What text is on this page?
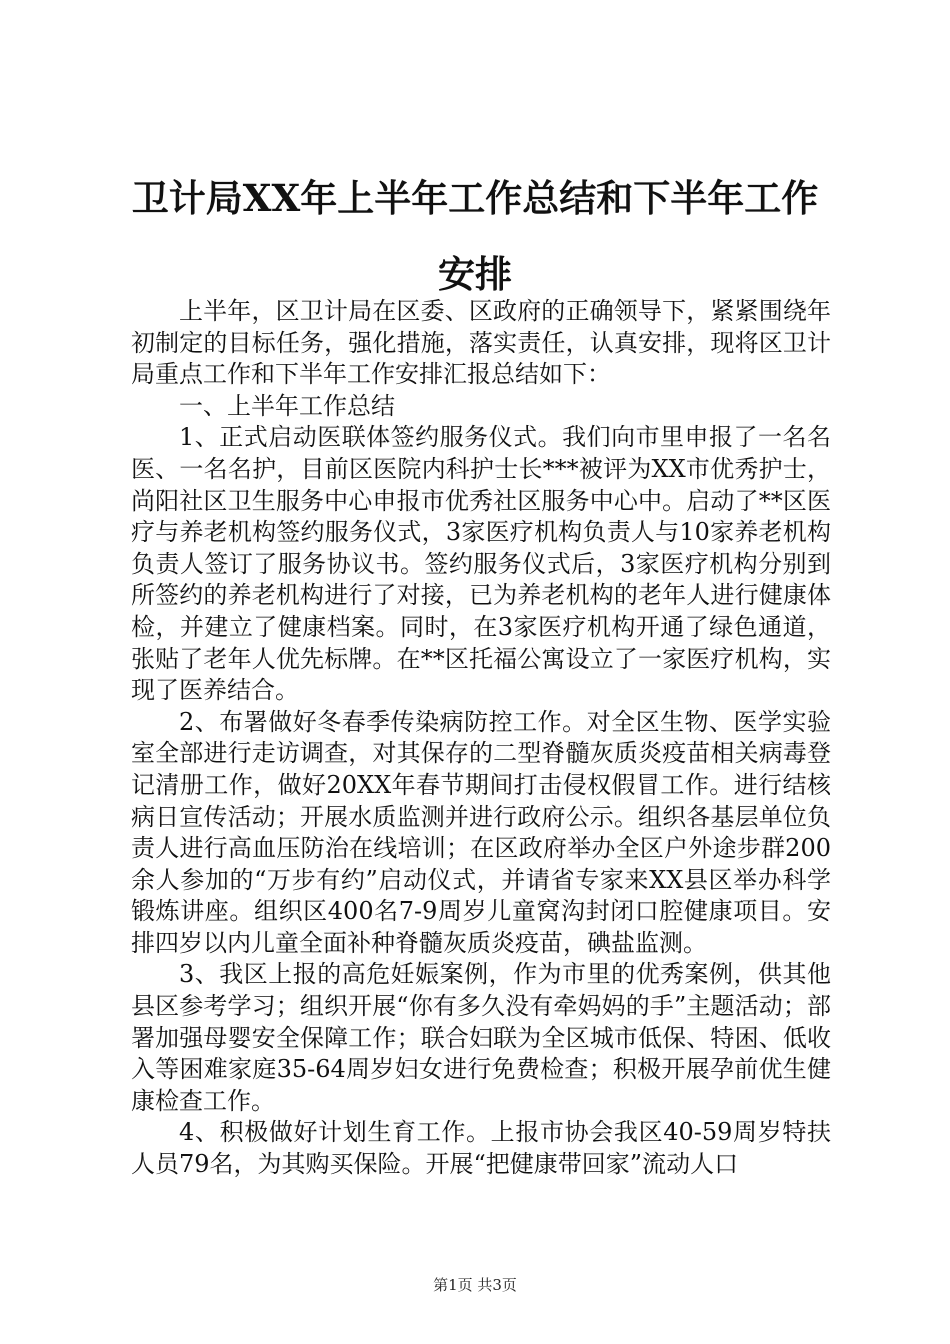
卫计局XX年上半年工作总结和下半年工作安排

上半年，区卫计局在区委、区政府的正确领导下，紧紧围绕年初制定的目标任务，强化措施，落实责任，认真安排，现将区卫计局重点工作和下半年工作安排汇报总结如下：

一、上半年工作总结

1、正式启动医联体签约服务仪式。我们向市里申报了一名名医、一名名护，目前区医院内科护士长***被评为XX市优秀护士，尚阳社区卫生服务中心申报市优秀社区服务中心中。启动了**区医疗与养老机构签约服务仪式，3家医疗机构负责人与10家养老机构负责人签订了服务协议书。签约服务仪式后，3家医疗机构分别到所签约的养老机构进行了对接，已为养老机构的老年人进行健康体检，并建立了健康档案。同时，在3家医疗机构开通了绿色通道，张贴了老年人优先标牌。在**区托福公寓设立了一家医疗机构，实现了医养结合。

2、布署做好冬春季传染病防控工作。对全区生物、医学实验室全部进行走访调查，对其保存的二型脊髓灰质炎疫苗相关病毒登记清册工作，做好20XX年春节期间打击侵权假冒工作。进行结核病日宣传活动；开展水质监测并进行政府公示。组织各基层单位负责人进行高血压防治在线培训；在区政府举办全区户外途步群200余人参加的“万步有约”启动仪式，并请省专家来XX县区举办科学锻炼讲座。组织区400名7-9周岁儿童窝沟封闭口腔健康项目。安排四岁以内儿童全面补种脊髓灰质炎疫苗，碘盐监测。

3、我区上报的高危妊娠案例，作为市里的优秀案例，供其他县区参考学习；组织开展“你有多久没有牵妈妈的手”主题活动；部署加强母婴安全保障工作；联合妇联为全区城市低保、特困、低收入等困难家庭35-64周岁妇女进行免费检查；积极开展孕前优生健康检查工作。

4、积极做好计划生育工作。上报市协会我区40-59周岁特扶人员79名，为其购买保险。开展“把健康带回家”流动人口

第1页 共3页
